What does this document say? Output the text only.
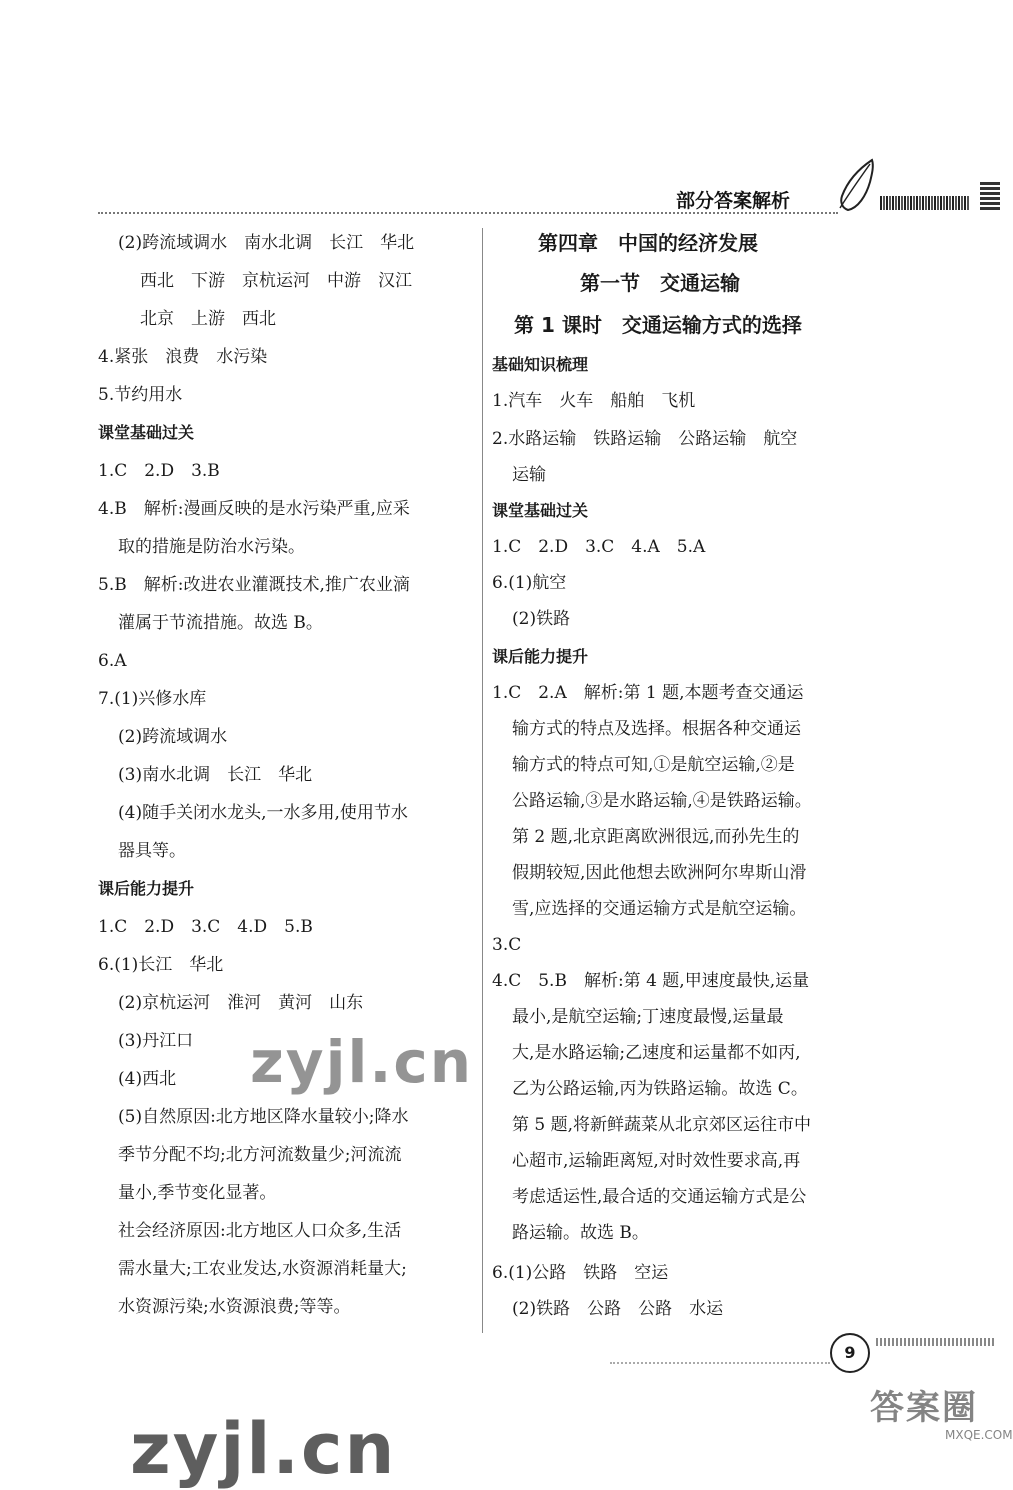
部分答案解析
(2)跨流域调水　南水北调　长江　华北
西北　下游　京杭运河　中游　汉江
北京　上游　西北
4.紧张　浪费　水污染
5.节约用水
课堂基础过关
1.C　2.D　3.B
4.B　解析:漫画反映的是水污染严重,应采
取的措施是防治水污染。
5.B　解析:改进农业灌溉技术,推广农业滴
灌属于节流措施。故选 B。
6.A
7.(1)兴修水库
(2)跨流域调水
(3)南水北调　长江　华北
(4)随手关闭水龙头,一水多用,使用节水
器具等。
课后能力提升
1.C　2.D　3.C　4.D　5.B
6.(1)长江　华北
(2)京杭运河　淮河　黄河　山东
(3)丹江口
(4)西北
(5)自然原因:北方地区降水量较小;降水
季节分配不均;北方河流数量少;河流流
量小,季节变化显著。
社会经济原因:北方地区人口众多,生活
需水量大;工农业发达,水资源消耗量大;
水资源污染;水资源浪费;等等。
第四章　中国的经济发展
第一节　交通运输
第 1 课时　交通运输方式的选择
基础知识梳理
1.汽车　火车　船舶　飞机
2.水路运输　铁路运输　公路运输　航空
运输
课堂基础过关
1.C　2.D　3.C　4.A　5.A
6.(1)航空
(2)铁路
课后能力提升
1.C　2.A　解析:第 1 题,本题考查交通运
输方式的特点及选择。根据各种交通运
输方式的特点可知,①是航空运输,②是
公路运输,③是水路运输,④是铁路运输。
第 2 题,北京距离欧洲很远,而孙先生的
假期较短,因此他想去欧洲阿尔卑斯山滑
雪,应选择的交通运输方式是航空运输。
3.C
4.C　5.B　解析:第 4 题,甲速度最快,运量
最小,是航空运输;丁速度最慢,运量最
大,是水路运输;乙速度和运量都不如丙,
乙为公路运输,丙为铁路运输。故选 C。
第 5 题,将新鲜蔬菜从北京郊区运往市中
心超市,运输距离短,对时效性要求高,再
考虑适运性,最合适的交通运输方式是公
路运输。故选 B。
6.(1)公路　铁路　空运
(2)铁路　公路　公路　水运
zyjl.cn
zyjl.cn
9
答案圈
MXQE.COM
